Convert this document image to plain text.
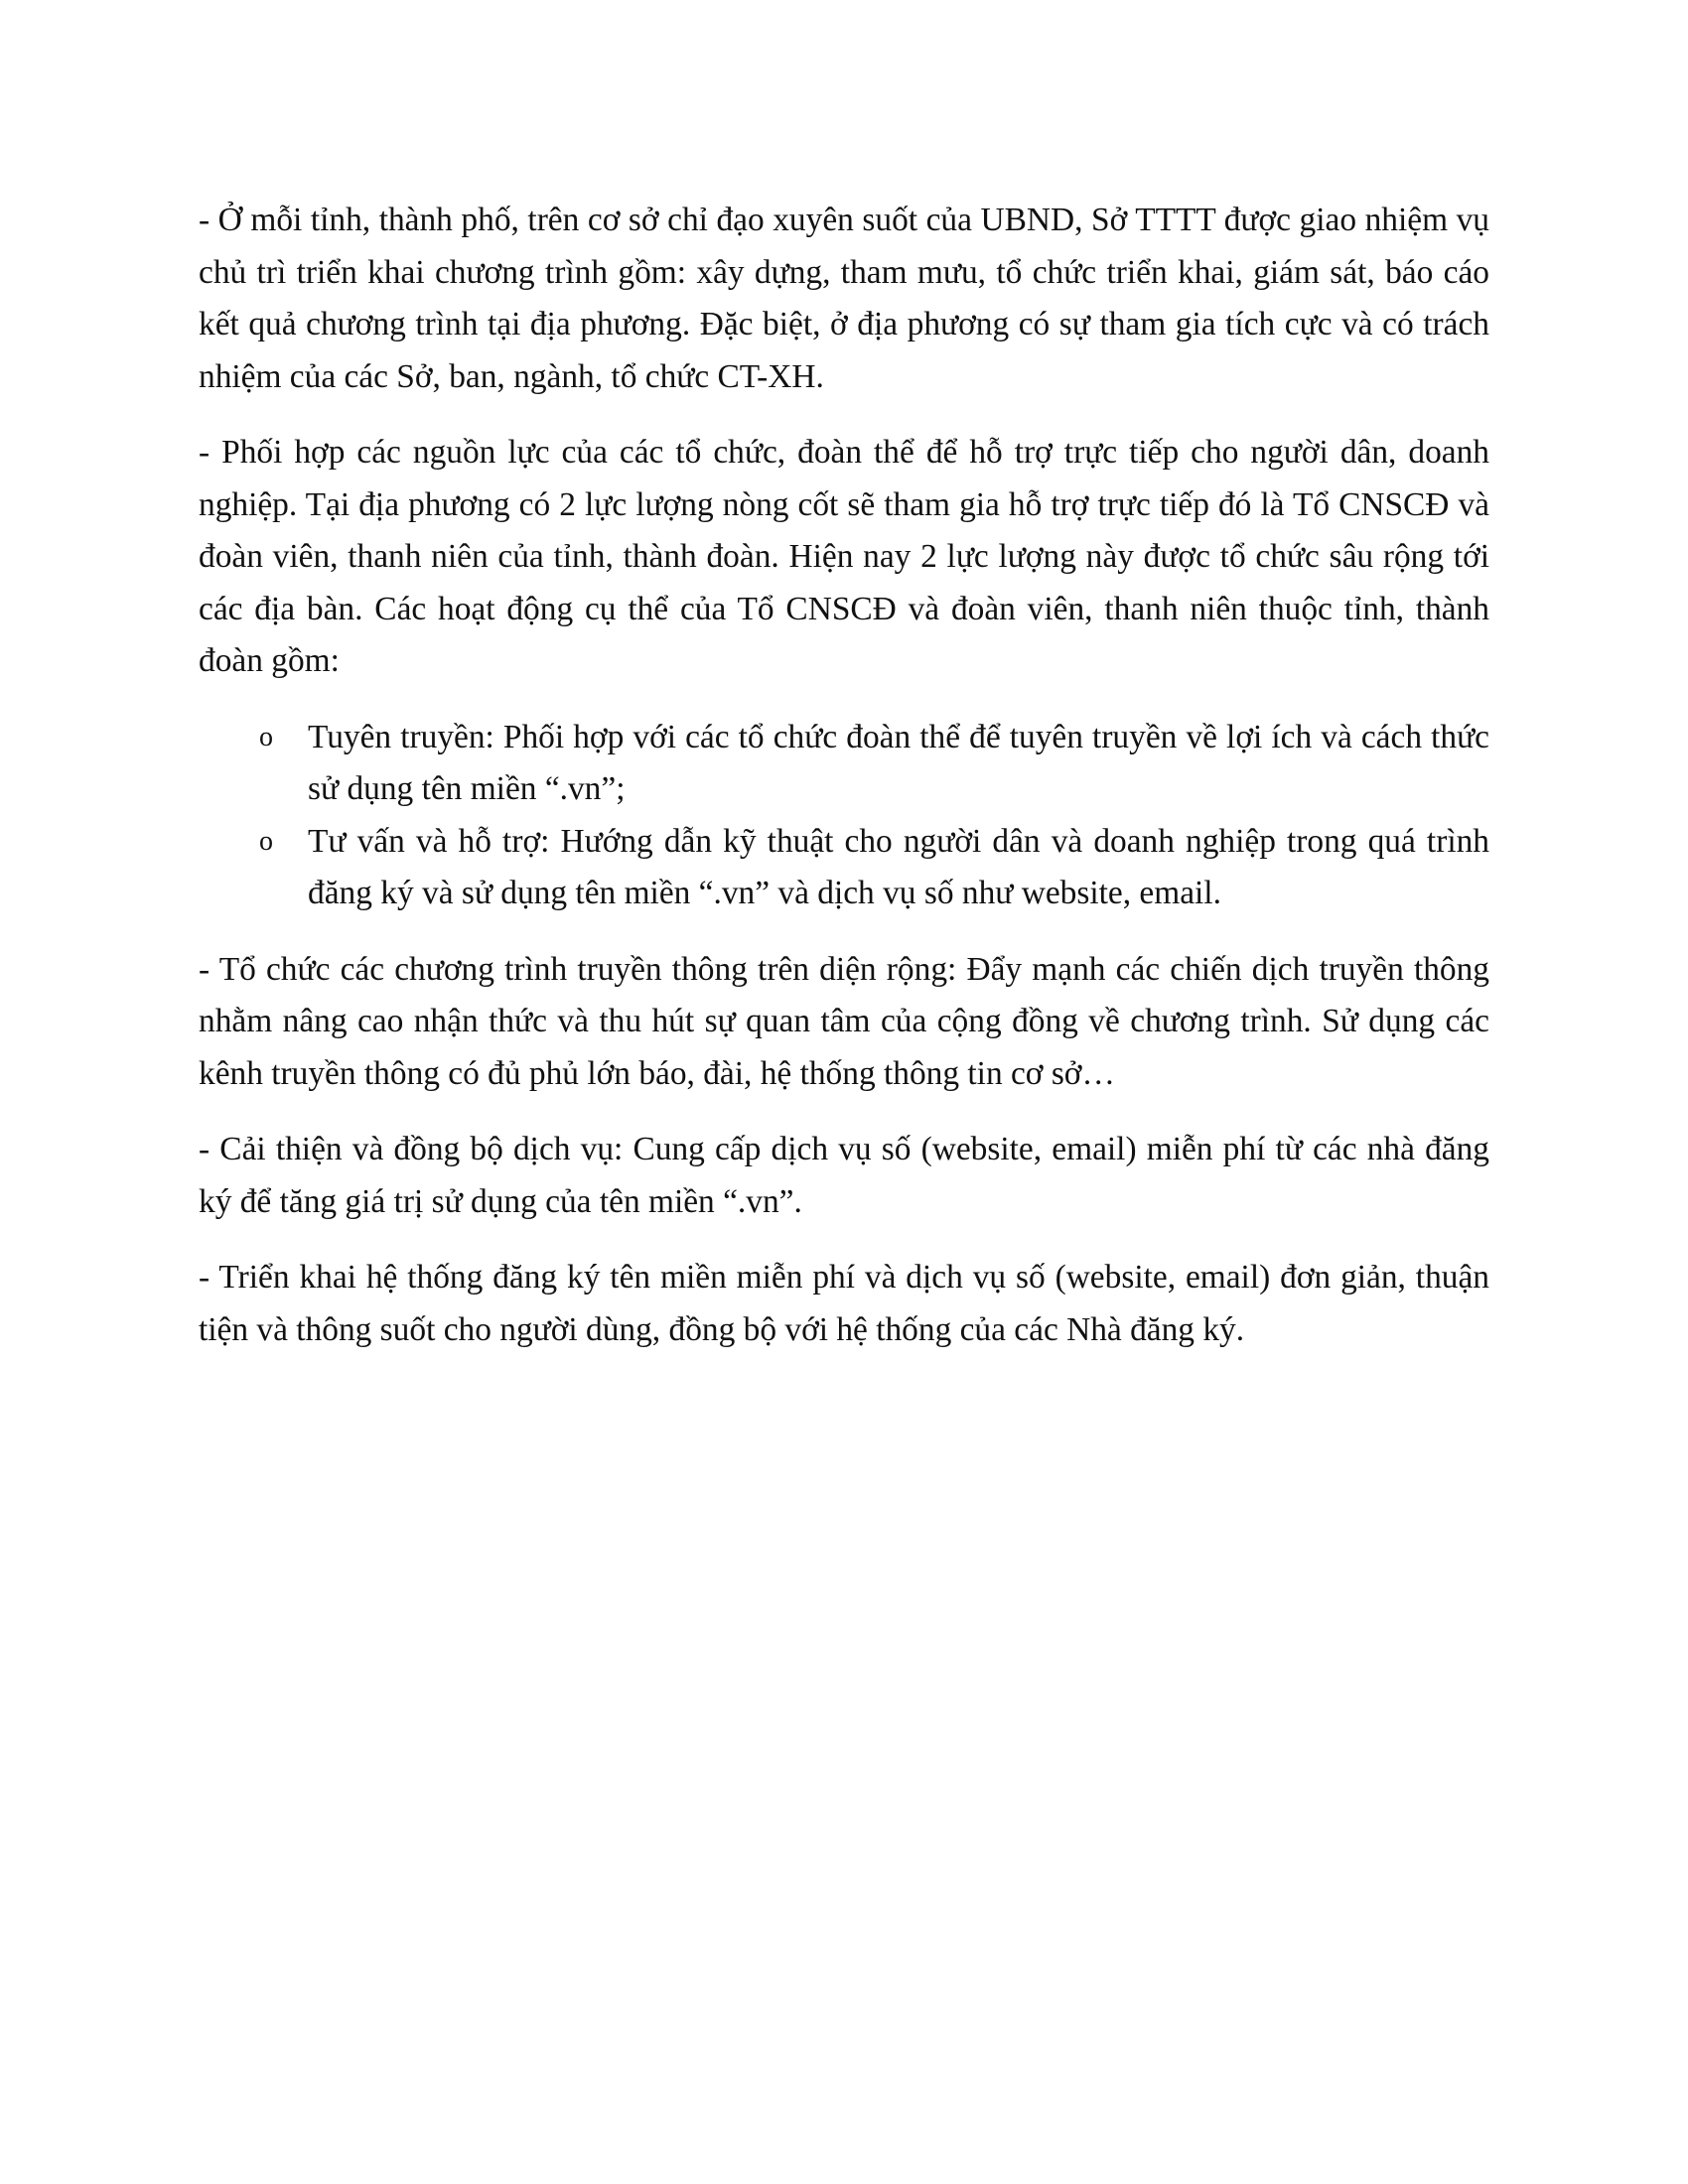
- Ở mỗi tỉnh, thành phố, trên cơ sở chỉ đạo xuyên suốt của UBND, Sở TTTT được giao nhiệm vụ chủ trì triển khai chương trình gồm: xây dựng, tham mưu, tổ chức triển khai, giám sát, báo cáo kết quả chương trình tại địa phương. Đặc biệt, ở địa phương có sự tham gia tích cực và có trách nhiệm của các Sở, ban, ngành, tổ chức CT-XH.

- Phối hợp các nguồn lực của các tổ chức, đoàn thể để hỗ trợ trực tiếp cho người dân, doanh nghiệp. Tại địa phương có 2 lực lượng nòng cốt sẽ tham gia hỗ trợ trực tiếp đó là Tổ CNSCĐ và đoàn viên, thanh niên của tỉnh, thành đoàn. Hiện nay 2 lực lượng này được tổ chức sâu rộng tới các địa bàn. Các hoạt động cụ thể của Tổ CNSCĐ và đoàn viên, thanh niên thuộc tỉnh, thành đoàn gồm:

o Tuyên truyền: Phối hợp với các tổ chức đoàn thể để tuyên truyền về lợi ích và cách thức sử dụng tên miền “.vn”;
o Tư vấn và hỗ trợ: Hướng dẫn kỹ thuật cho người dân và doanh nghiệp trong quá trình đăng ký và sử dụng tên miền “.vn” và dịch vụ số như website, email.

- Tổ chức các chương trình truyền thông trên diện rộng: Đẩy mạnh các chiến dịch truyền thông nhằm nâng cao nhận thức và thu hút sự quan tâm của cộng đồng về chương trình. Sử dụng các kênh truyền thông có đủ phủ lớn báo, đài, hệ thống thông tin cơ sở…

- Cải thiện và đồng bộ dịch vụ: Cung cấp dịch vụ số (website, email) miễn phí từ các nhà đăng ký để tăng giá trị sử dụng của tên miền “.vn”.

- Triển khai hệ thống đăng ký tên miền miễn phí và dịch vụ số (website, email) đơn giản, thuận tiện và thông suốt cho người dùng, đồng bộ với hệ thống của các Nhà đăng ký.
